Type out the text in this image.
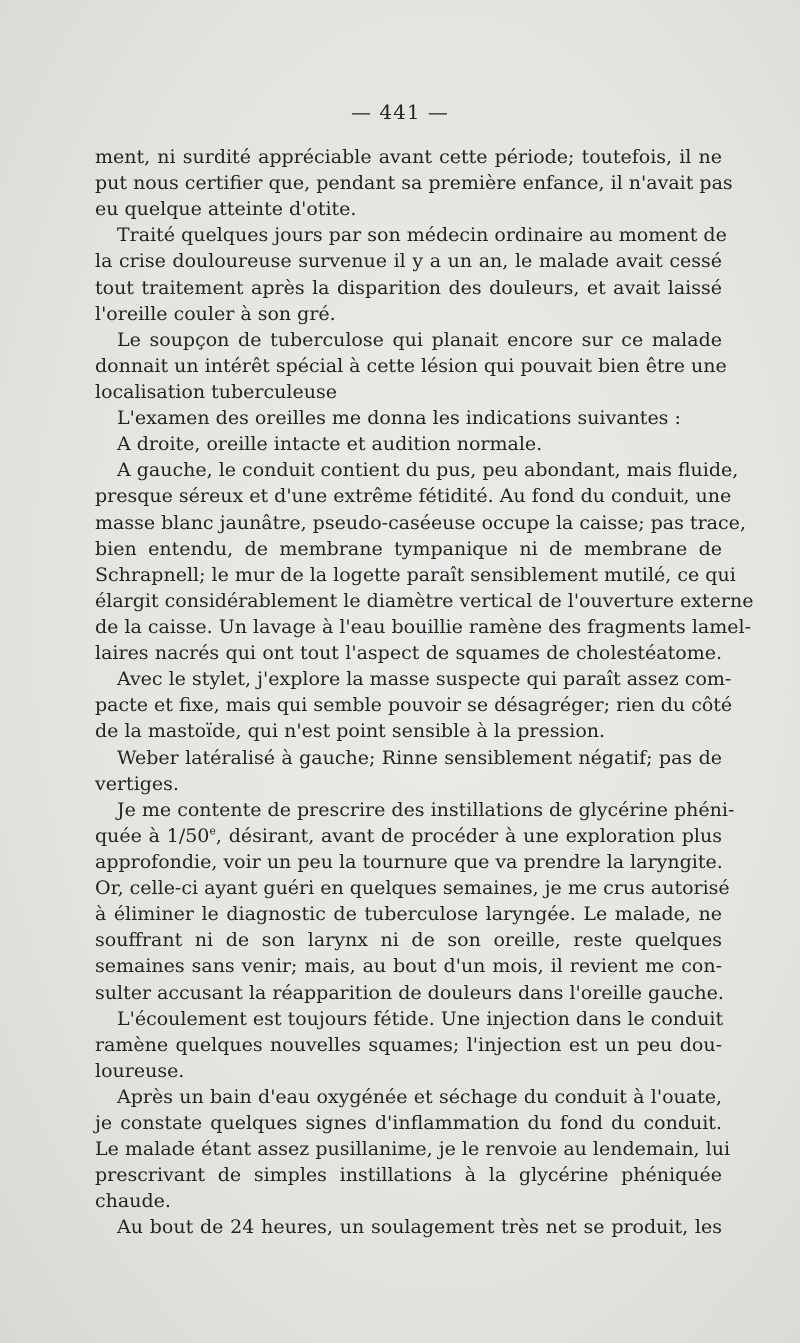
— 441 —
ment, ni surdité appréciable avant cette période; toutefois, il ne
put nous certifier que, pendant sa première enfance, il n'avait pas
eu quelque atteinte d'otite.
Traité quelques jours par son médecin ordinaire au moment de
la crise douloureuse survenue il y a un an, le malade avait cessé
tout traitement après la disparition des douleurs, et avait laissé
l'oreille couler à son gré.
Le soupçon de tuberculose qui planait encore sur ce malade
donnait un intérêt spécial à cette lésion qui pouvait bien être une
localisation tuberculeuse
L'examen des oreilles me donna les indications suivantes :
A droite, oreille intacte et audition normale.
A gauche, le conduit contient du pus, peu abondant, mais fluide,
presque séreux et d'une extrême fétidité. Au fond du conduit, une
masse blanc jaunâtre, pseudo-caséeuse occupe la caisse; pas trace,
bien entendu, de membrane tympanique ni de membrane de
Schrapnell; le mur de la logette paraît sensiblement mutilé, ce qui
élargit considérablement le diamètre vertical de l'ouverture externe
de la caisse. Un lavage à l'eau bouillie ramène des fragments lamel-
laires nacrés qui ont tout l'aspect de squames de cholestéatome.
Avec le stylet, j'explore la masse suspecte qui paraît assez com-
pacte et fixe, mais qui semble pouvoir se désagréger; rien du côté
de la mastoïde, qui n'est point sensible à la pression.
Weber latéralisé à gauche; Rinne sensiblement négatif; pas de
vertiges.
Je me contente de prescrire des instillations de glycérine phéni-
quée à 1/50e, désirant, avant de procéder à une exploration plus
approfondie, voir un peu la tournure que va prendre la laryngite.
Or, celle-ci ayant guéri en quelques semaines, je me crus autorisé
à éliminer le diagnostic de tuberculose laryngée. Le malade, ne
souffrant ni de son larynx ni de son oreille, reste quelques
semaines sans venir; mais, au bout d'un mois, il revient me con-
sulter accusant la réapparition de douleurs dans l'oreille gauche.
L'écoulement est toujours fétide. Une injection dans le conduit
ramène quelques nouvelles squames; l'injection est un peu dou-
loureuse.
Après un bain d'eau oxygénée et séchage du conduit à l'ouate,
je constate quelques signes d'inflammation du fond du conduit.
Le malade étant assez pusillanime, je le renvoie au lendemain, lui
prescrivant de simples instillations à la glycérine phéniquée
chaude.
Au bout de 24 heures, un soulagement très net se produit, les
